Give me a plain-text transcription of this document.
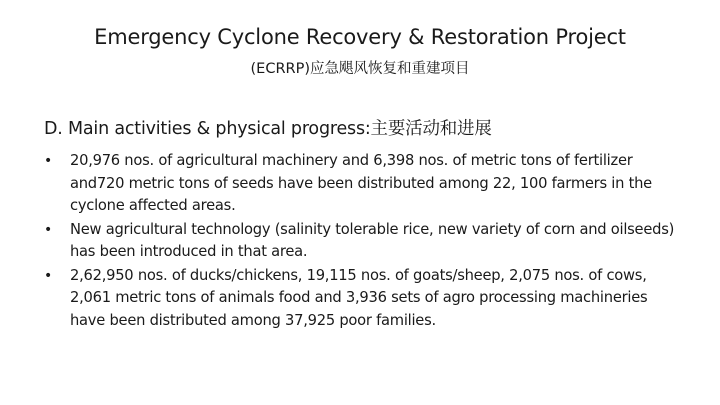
Emergency Cyclone Recovery & Restoration Project
(ECRRP)应急飓风恢复和重建项目
D. Main activities & physical progress:主要活动和进展
•	20,976 nos. of agricultural machinery and 6,398 nos. of metric tons of fertilizer and720 metric tons of seeds have been distributed among 22, 100 farmers in the cyclone affected areas.
•	New agricultural technology (salinity tolerable rice, new variety of corn and oilseeds) has been introduced in that area.
•	2,62,950 nos. of ducks/chickens, 19,115 nos. of goats/sheep, 2,075 nos. of cows, 2,061 metric tons of animals food and 3,936 sets of agro processing machineries have been distributed among 37,925 poor families.
